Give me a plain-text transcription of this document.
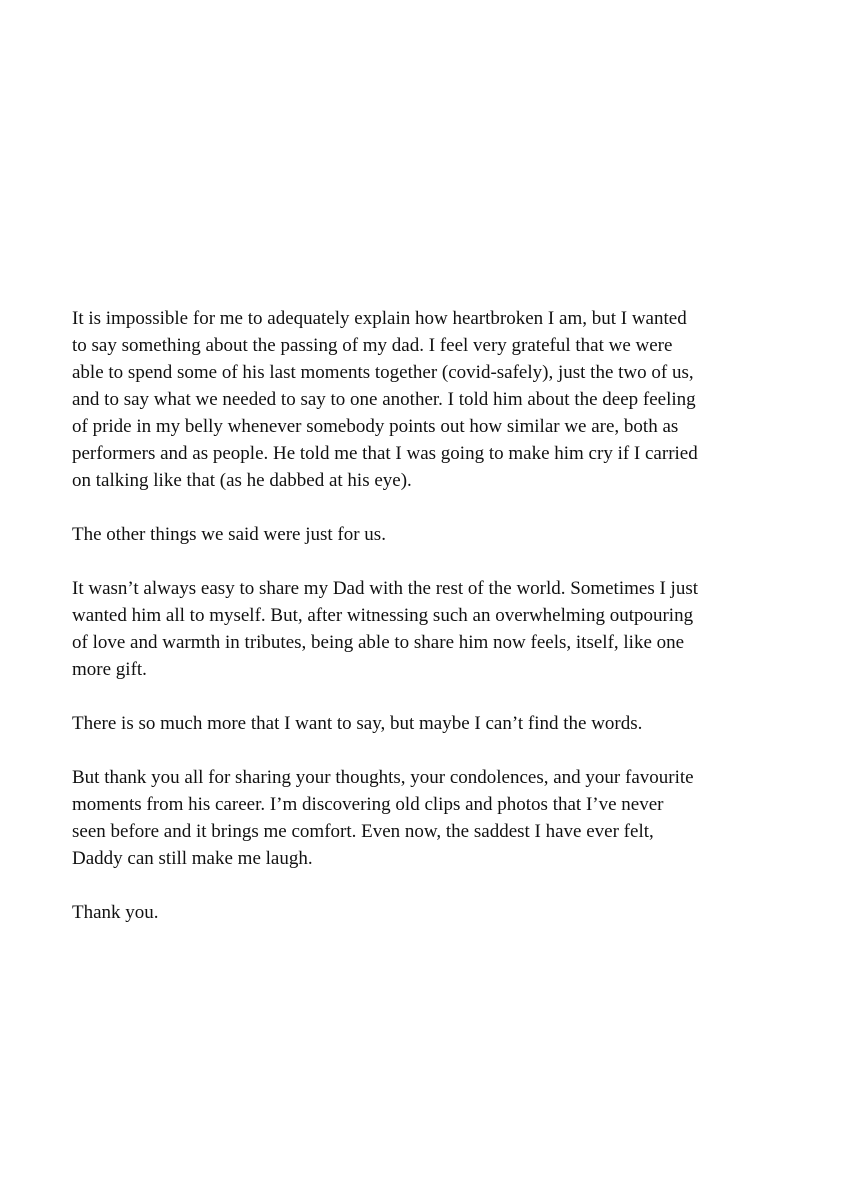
It is impossible for me to adequately explain how heartbroken I am, but I wanted
to say something about the passing of my dad. I feel very grateful that we were
able to spend some of his last moments together (covid-safely), just the two of us,
and to say what we needed to say to one another. I told him about the deep feeling
of pride in my belly whenever somebody points out how similar we are, both as
performers and as people. He told me that I was going to make him cry if I carried
on talking like that (as he dabbed at his eye).

The other things we said were just for us.

It wasn’t always easy to share my Dad with the rest of the world. Sometimes I just
wanted him all to myself. But, after witnessing such an overwhelming outpouring
of love and warmth in tributes, being able to share him now feels, itself, like one
more gift.

There is so much more that I want to say, but maybe I can’t find the words.

But thank you all for sharing your thoughts, your condolences, and your favourite
moments from his career. I’m discovering old clips and photos that I’ve never
seen before and it brings me comfort. Even now, the saddest I have ever felt,
Daddy can still make me laugh.

Thank you.
